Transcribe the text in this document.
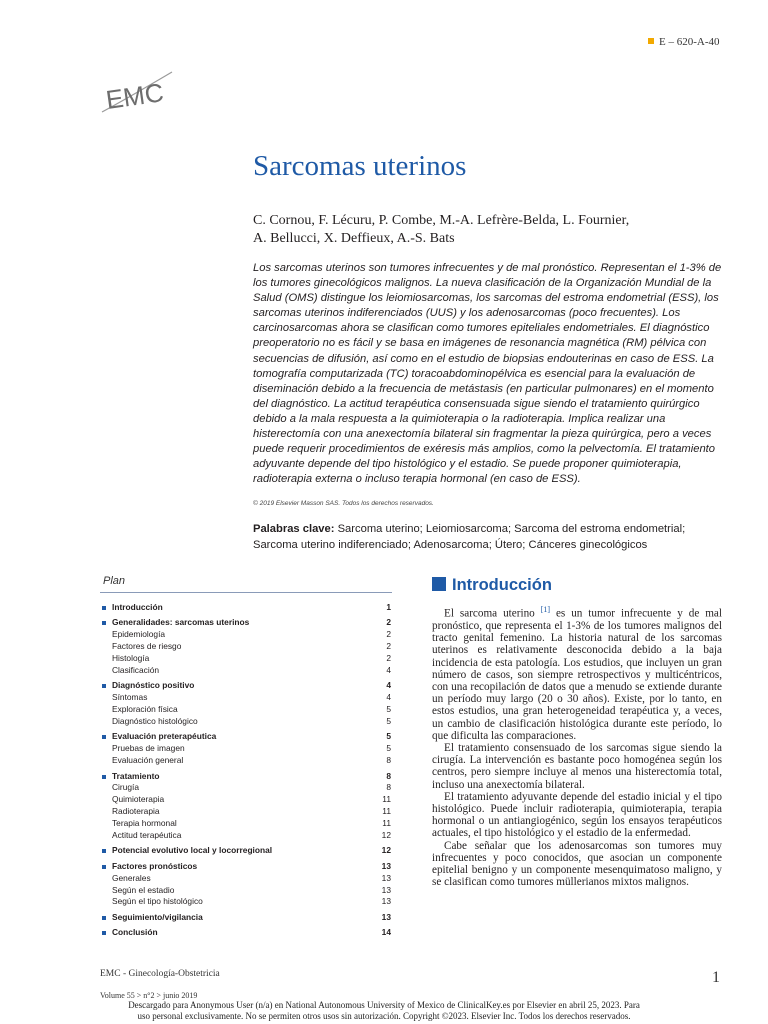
E – 620-A-40
EMC
Sarcomas uterinos
C. Cornou, F. Lécuru, P. Combe, M.-A. Lefrère-Belda, L. Fournier,
A. Bellucci, X. Deffieux, A.-S. Bats
Los sarcomas uterinos son tumores infrecuentes y de mal pronóstico. Representan el 1-3% de los tumores ginecológicos malignos. La nueva clasificación de la Organización Mundial de la Salud (OMS) distingue los leiomiosarcomas, los sarcomas del estroma endometrial (ESS), los sarcomas uterinos indiferenciados (UUS) y los adenosarcomas (poco frecuentes). Los carcinosarcomas ahora se clasifican como tumores epiteliales endometriales. El diagnóstico preoperatorio no es fácil y se basa en imágenes de resonancia magnética (RM) pélvica con secuencias de difusión, así como en el estudio de biopsias endouterinas en caso de ESS. La tomografía computarizada (TC) toracoabdominopélvica es esencial para la evaluación de diseminación debido a la frecuencia de metástasis (en particular pulmonares) en el momento del diagnóstico. La actitud terapéutica consensuada sigue siendo el tratamiento quirúrgico debido a la mala respuesta a la quimioterapia o la radioterapia. Implica realizar una histerectomía con una anexectomía bilateral sin fragmentar la pieza quirúrgica, pero a veces puede requerir procedimientos de exéresis más amplios, como la pelvectomía. El tratamiento adyuvante depende del tipo histológico y el estadio. Se puede proponer quimioterapia, radioterapia externa o incluso terapia hormonal (en caso de ESS).
© 2019 Elsevier Masson SAS. Todos los derechos reservados.
Palabras clave: Sarcoma uterino; Leiomiosarcoma; Sarcoma del estroma endometrial; Sarcoma uterino indiferenciado; Adenosarcoma; Útero; Cánceres ginecológicos
Plan
Introducción	1
Generalidades: sarcomas uterinos	2
Epidemiología	2
Factores de riesgo	2
Histología	2
Clasificación	4
Diagnóstico positivo	4
Síntomas	4
Exploración física	5
Diagnóstico histológico	5
Evaluación preterapéutica	5
Pruebas de imagen	5
Evaluación general	8
Tratamiento	8
Cirugía	8
Quimioterapia	11
Radioterapia	11
Terapia hormonal	11
Actitud terapéutica	12
Potencial evolutivo local y locorregional	12
Factores pronósticos	13
Generales	13
Según el estadio	13
Según el tipo histológico	13
Seguimiento/vigilancia	13
Conclusión	14
Introducción

El sarcoma uterino [1] es un tumor infrecuente y de mal pronóstico, que representa el 1-3% de los tumores malignos del tracto genital femenino. La historia natural de los sarcomas uterinos es relativamente desconocida debido a la baja incidencia de esta patología. Los estudios, que incluyen un gran número de casos, son siempre retrospectivos y multicéntricos, con una recopilación de datos que a menudo se extiende durante un período muy largo (20 o 30 años). Existe, por lo tanto, en estos estudios, una gran heterogeneidad terapéutica y, a veces, un cambio de clasificación histológica durante este período, lo que dificulta las comparaciones.

El tratamiento consensuado de los sarcomas sigue siendo la cirugía. La intervención es bastante poco homogénea según los centros, pero siempre incluye al menos una histerectomía total, incluso una anexectomía bilateral.

El tratamiento adyuvante depende del estadio inicial y el tipo histológico. Puede incluir radioterapia, quimioterapia, terapia hormonal o un antiangiogénico, según los ensayos terapéuticos actuales, el tipo histológico y el estadio de la enfermedad.

Cabe señalar que los adenosarcomas son tumores muy infrecuentes y poco conocidos, que asocian un componente epitelial benigno y un componente mesenquimatoso maligno, y se clasifican como tumores müllerianos mixtos malignos.

EMC - Ginecología-Obstetricia	1
Volume 55 > n°2 > junio 2019
Descargado para Anonymous User (n/a) en National Autonomous University of Mexico de ClinicalKey.es por Elsevier en abril 25, 2023. Para
uso personal exclusivamente. No se permiten otros usos sin autorización. Copyright ©2023. Elsevier Inc. Todos los derechos reservados.
